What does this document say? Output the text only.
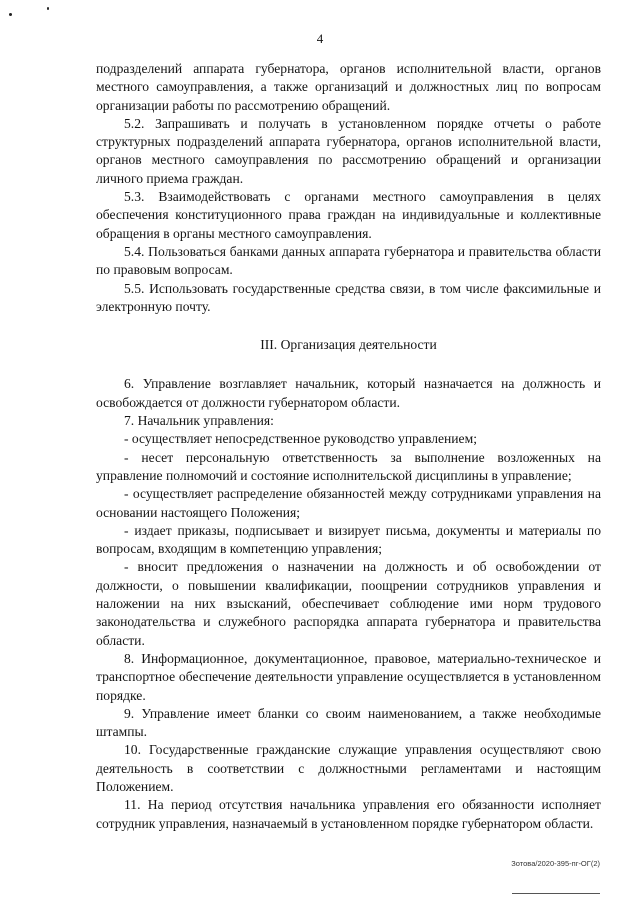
4

подразделений аппарата губернатора, органов исполнительной власти, органов местного самоуправления, а также организаций и должностных лиц по вопросам организации работы по рассмотрению обращений.

5.2. Запрашивать и получать в установленном порядке отчеты о работе структурных подразделений аппарата губернатора, органов исполнительной власти, органов местного самоуправления по рассмотрению обращений и организации личного приема граждан.

5.3. Взаимодействовать с органами местного самоуправления в целях обеспечения конституционного права граждан на индивидуальные и коллективные обращения в органы местного самоуправления.

5.4. Пользоваться банками данных аппарата губернатора и правительства области по правовым вопросам.

5.5. Использовать государственные средства связи, в том числе факсимильные и электронную почту.

III. Организация деятельности

6. Управление возглавляет начальник, который назначается на должность и освобождается от должности губернатором области.

7. Начальник управления:

- осуществляет непосредственное руководство управлением;

- несет персональную ответственность за выполнение возложенных на управление полномочий и состояние исполнительской дисциплины в управление;

- осуществляет распределение обязанностей между сотрудниками управления на основании настоящего Положения;

- издает приказы, подписывает и визирует письма, документы и материалы по вопросам, входящим в компетенцию управления;

- вносит предложения о назначении на должность и об освобождении от должности, о повышении квалификации, поощрении сотрудников управления и наложении на них взысканий, обеспечивает соблюдение ими норм трудового законодательства и служебного распорядка аппарата губернатора и правительства области.

8. Информационное, документационное, правовое, материально-техническое и транспортное обеспечение деятельности управление осуществляется в установленном порядке.

9. Управление имеет бланки со своим наименованием, а также необходимые штампы.

10. Государственные гражданские служащие управления осуществляют свою деятельность в соответствии с должностными регламентами и настоящим Положением.

11. На период отсутствия начальника управления его обязанности исполняет сотрудник управления, назначаемый в установленном порядке губернатором области.

Зотова/2020-395-пг-ОГ(2)
